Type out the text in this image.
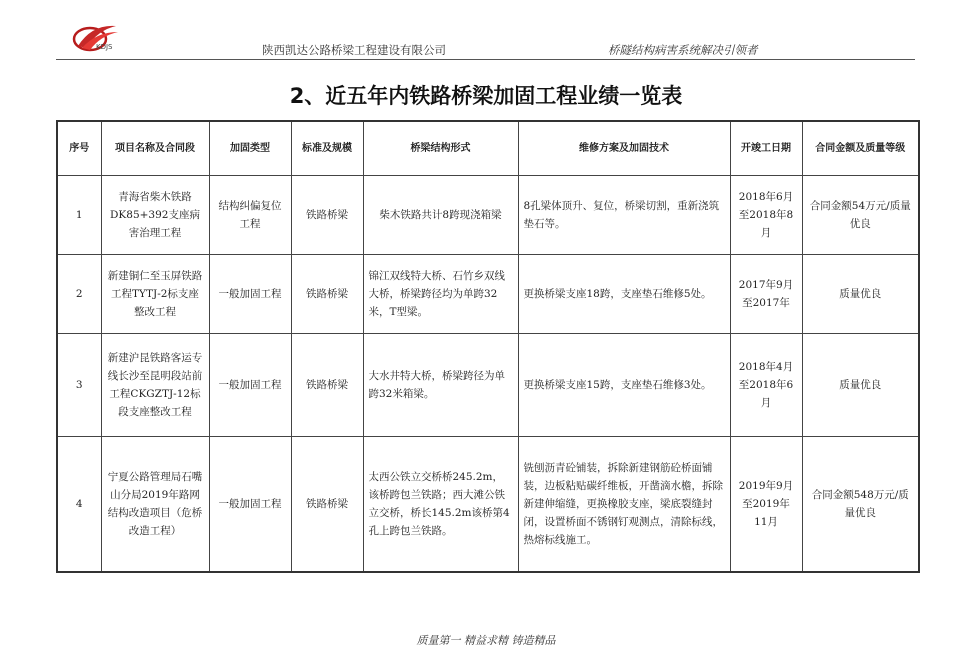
KDJS	陕西凯达公路桥梁工程建设有限公司	桥隧结构病害系统解决引领者
2、近五年内铁路桥梁加固工程业绩一览表
序号	项目名称及合同段	加固类型	标准及规模	桥梁结构形式	维修方案及加固技术	开竣工日期	合同金额及质量等级
1	青海省柴木铁路DK85+392支座病害治理工程	结构纠偏复位工程	铁路桥梁	柴木铁路共计8跨现浇箱梁	8孔梁体顶升、复位，桥梁切割，重新浇筑垫石等。	2018年6月至2018年8月	合同金额54万元/质量优良
2	新建铜仁至玉屏铁路工程TYTJ-2标支座整改工程	一般加固工程	铁路桥梁	锦江双线特大桥、石竹乡双线大桥，桥梁跨径均为单跨32米，T型梁。	更换桥梁支座18跨，支座垫石维修5处。	2017年9月至2017年	质量优良
3	新建沪昆铁路客运专线长沙至昆明段站前工程CKGZTJ-12标段支座整改工程	一般加固工程	铁路桥梁	大水井特大桥，桥梁跨径为单跨32米箱梁。	更换桥梁支座15跨，支座垫石维修3处。	2018年4月至2018年6月	质量优良
4	宁夏公路管理局石嘴山分局2019年路网结构改造项目（危桥改造工程）	一般加固工程	铁路桥梁	太西公铁立交桥桥245.2m，该桥跨包兰铁路；西大滩公铁立交桥，桥长145.2m该桥第4孔上跨包兰铁路。	铣刨沥青砼铺装，拆除新建钢筋砼桥面铺装，边板粘贴碳纤维板，开凿滴水檐，拆除新建伸缩缝，更换橡胶支座，梁底裂缝封闭，设置桥面不锈钢钉观测点，清除标线，热熔标线施工。	2019年9月至2019年11月	合同金额548万元/质量优良
质量第一 精益求精 铸造精品
